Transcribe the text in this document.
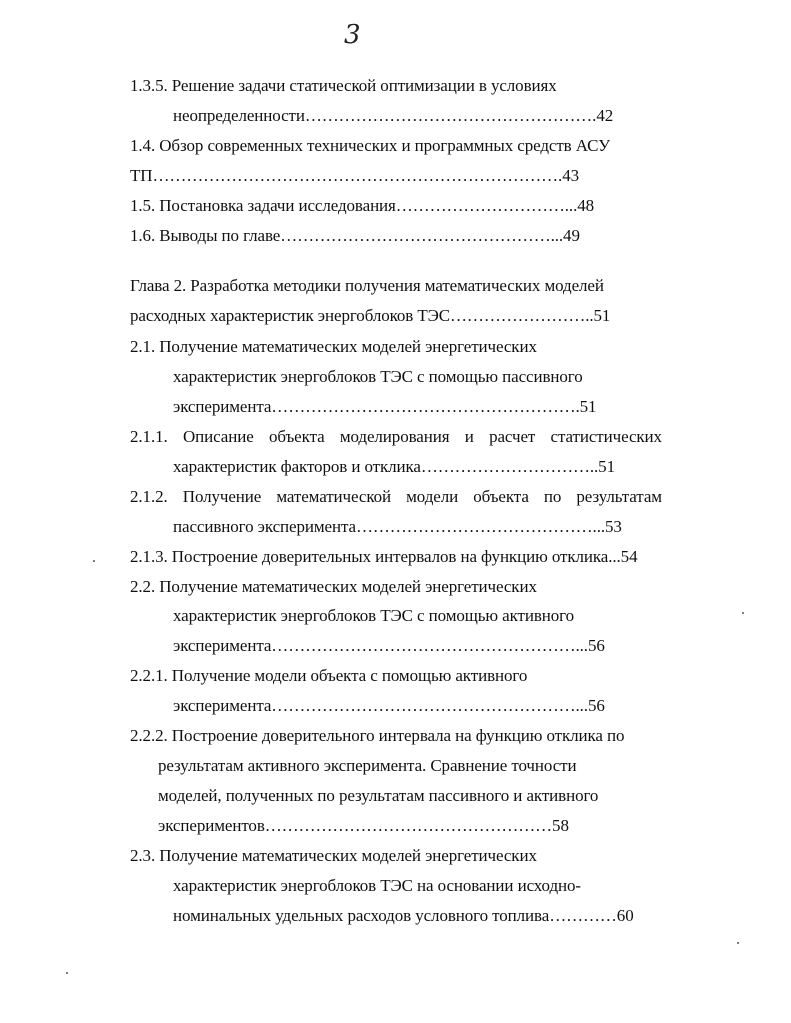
3
1.3.5. Решение задачи статической оптимизации в условиях
неопределенности…………………………………………….42
1.4. Обзор современных технических и программных средств АСУ
ТП……………………………………………………………….43
1.5. Постановка задачи исследования…………………………...48
1.6. Выводы по главе…………………………………………...49
Глава 2. Разработка методики получения математических моделей
расходных характеристик энергоблоков ТЭС……………………..51
2.1. Получение математических моделей энергетических
характеристик энергоблоков ТЭС с помощью пассивного
эксперимента……………………………………………….51
2.1.1. Описание объекта моделирования и расчет статистических
характеристик факторов и отклика…………………………..51
2.1.2. Получение математической модели объекта по результатам
пассивного эксперимента……………………………………...53
2.1.3. Построение доверительных интервалов на функцию отклика...54
2.2. Получение математических моделей энергетических
характеристик энергоблоков ТЭС с помощью активного
эксперимента………………………………………………...56
2.2.1. Получение модели объекта с помощью активного
эксперимента………………………………………………...56
2.2.2. Построение доверительного интервала на функцию отклика по
результатам активного эксперимента. Сравнение точности
моделей, полученных по результатам пассивного и активного
экспериментов……………………………………………58
2.3. Получение математических моделей энергетических
характеристик энергоблоков ТЭС на основании исходно-
номинальных удельных расходов условного топлива…………60
